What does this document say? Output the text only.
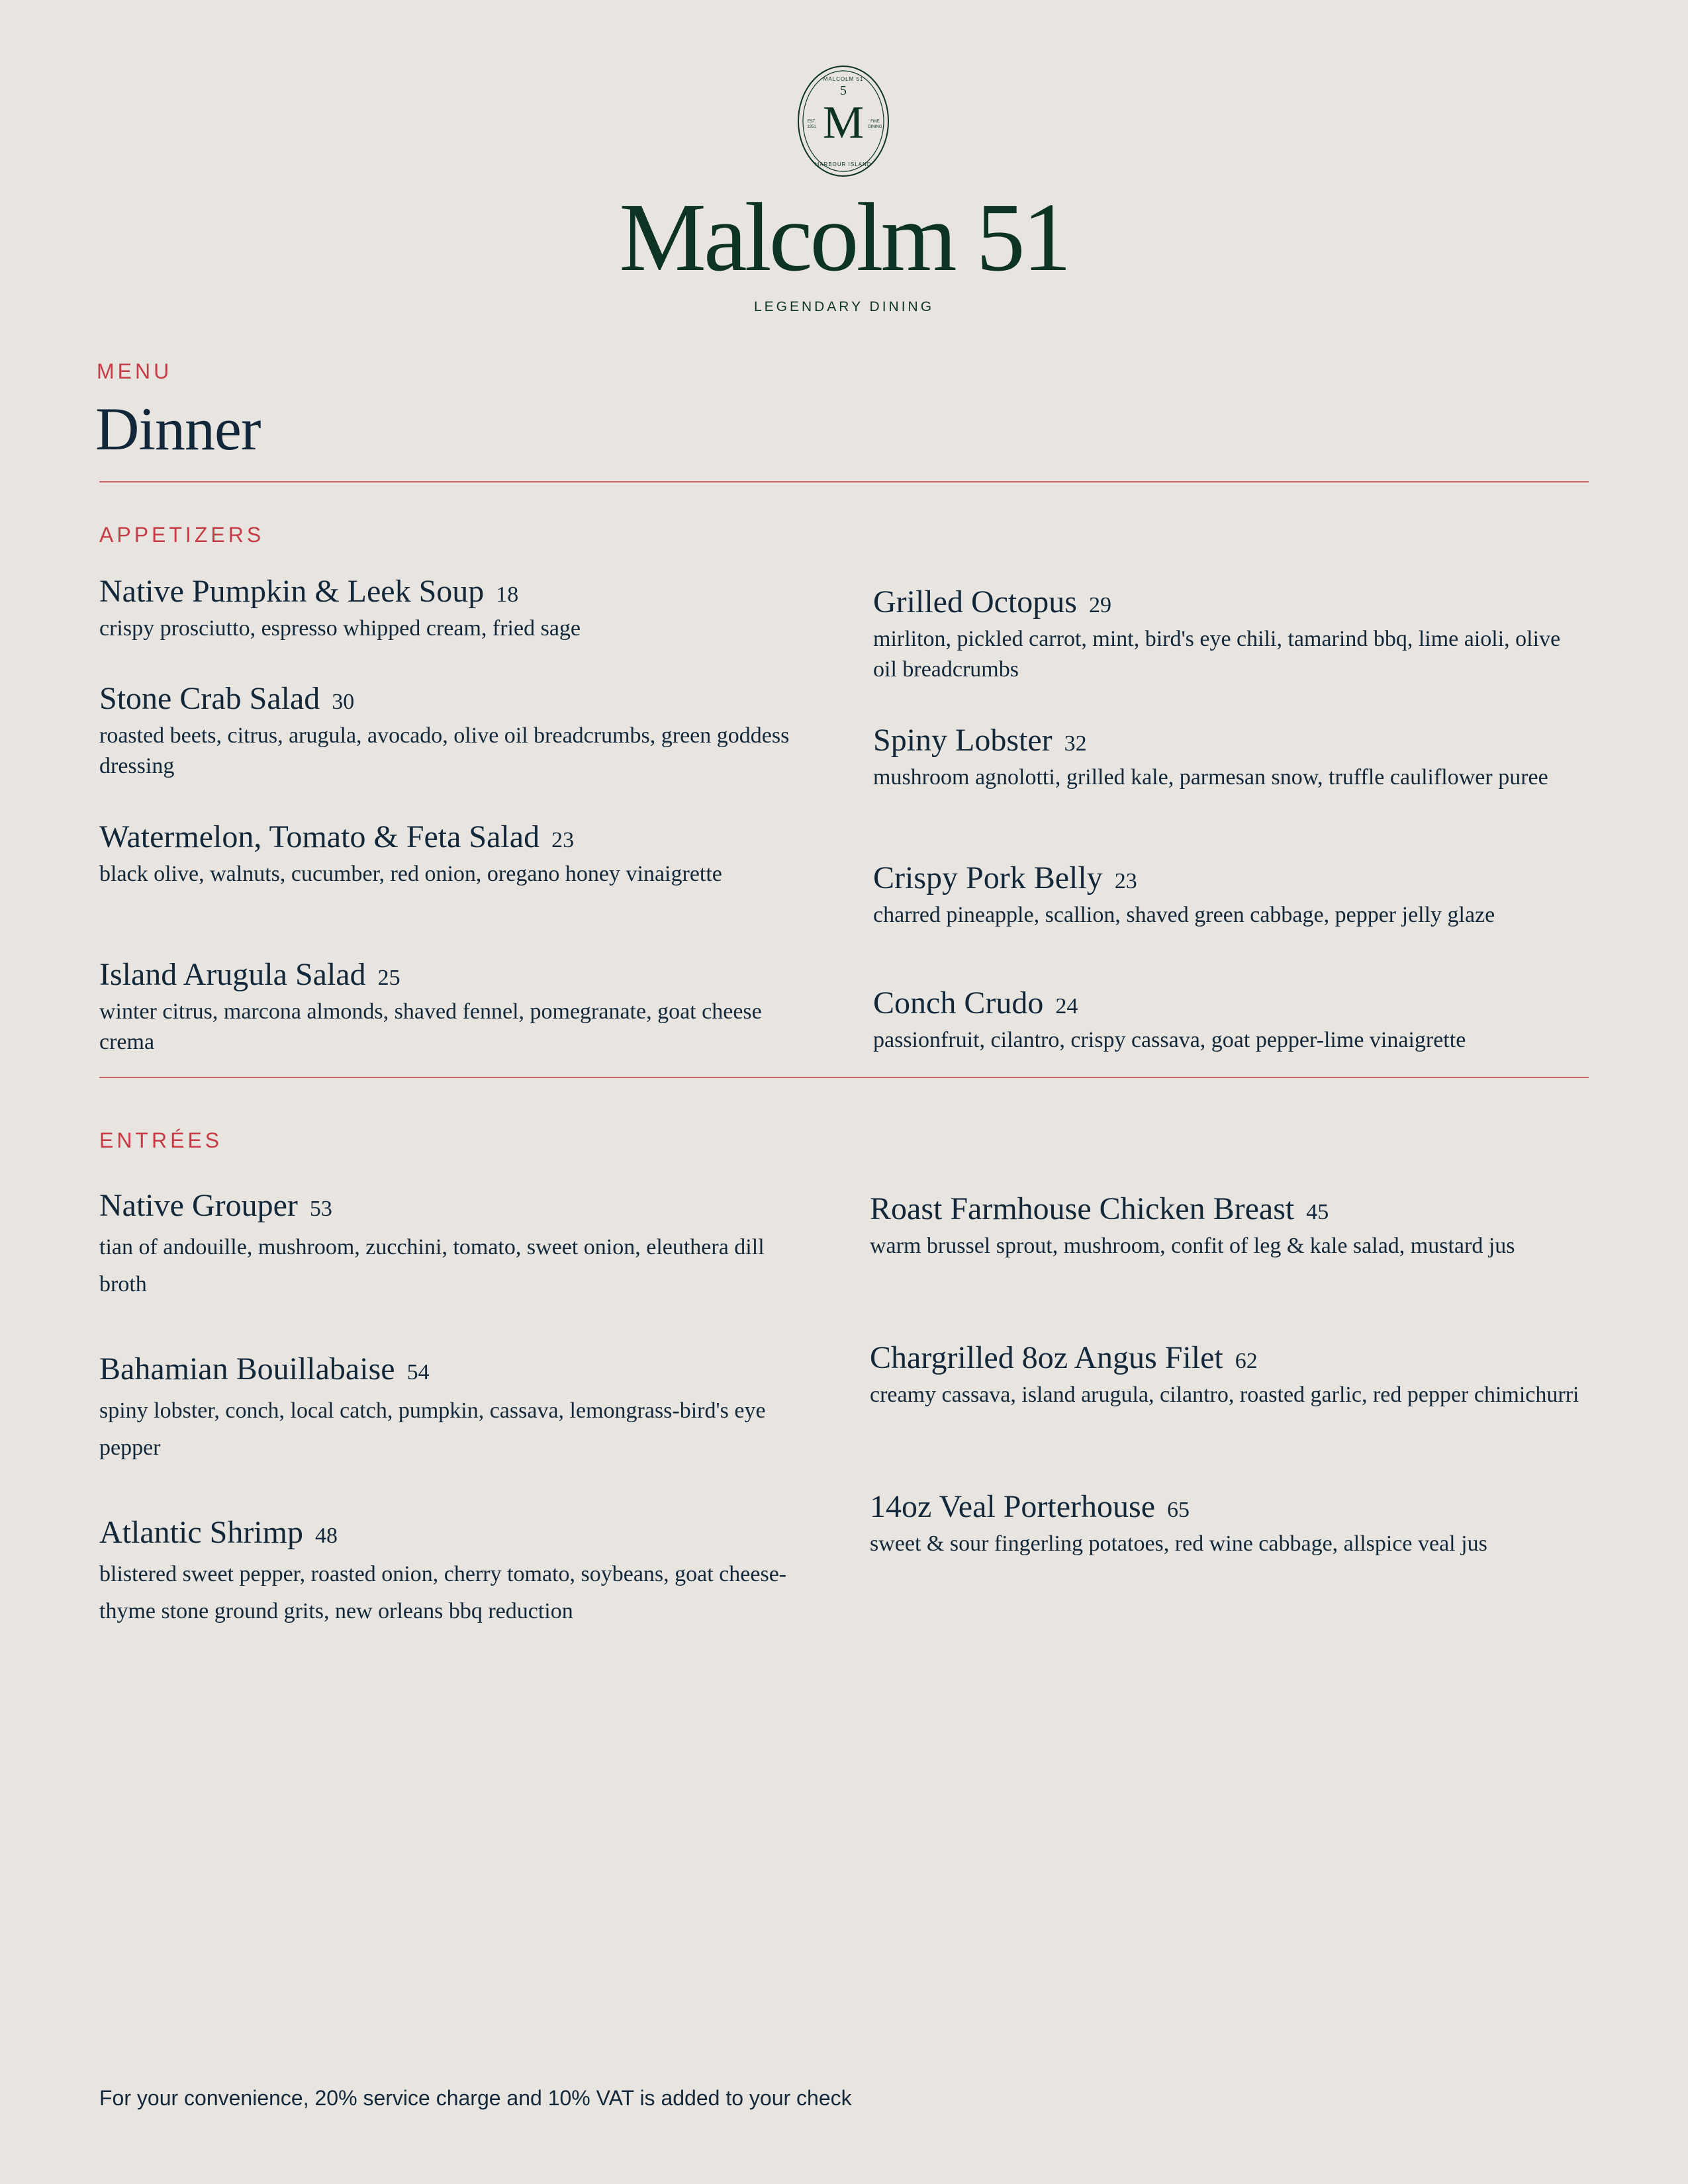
MALCOLM 51
5
M
EST.
1951
FINE
DINING
HARBOUR ISLAND
Malcolm 51
LEGENDARY DINING
MENU
Dinner
APPETIZERS
Native Pumpkin & Leek Soup 18
crispy prosciutto, espresso whipped cream, fried sage
Stone Crab Salad 30
roasted beets, citrus, arugula, avocado, olive oil breadcrumbs, green goddess dressing
Watermelon, Tomato & Feta Salad 23
black olive, walnuts, cucumber, red onion, oregano honey vinaigrette
Island Arugula Salad 25
winter citrus, marcona almonds, shaved fennel, pomegranate, goat cheese crema
Grilled Octopus 29
mirliton, pickled carrot, mint, bird's eye chili, tamarind bbq, lime aioli, olive oil breadcrumbs
Spiny Lobster 32
mushroom agnolotti, grilled kale, parmesan snow, truffle cauliflower puree
Crispy Pork Belly 23
charred pineapple, scallion, shaved green cabbage, pepper jelly glaze
Conch Crudo 24
passionfruit, cilantro, crispy cassava, goat pepper-lime vinaigrette
ENTRÉES
Native Grouper 53
tian of andouille, mushroom, zucchini, tomato, sweet onion, eleuthera dill broth
Bahamian Bouillabaise 54
spiny lobster, conch, local catch, pumpkin, cassava, lemongrass-bird's eye pepper
Atlantic Shrimp 48
blistered sweet pepper, roasted onion, cherry tomato, soybeans, goat cheese-thyme stone ground grits, new orleans bbq reduction
Roast Farmhouse Chicken Breast 45
warm brussel sprout, mushroom, confit of leg & kale salad, mustard jus
Chargrilled 8oz Angus Filet 62
creamy cassava, island arugula, cilantro, roasted garlic, red pepper chimichurri
14oz Veal Porterhouse 65
sweet & sour fingerling potatoes, red wine cabbage, allspice veal jus
For your convenience, 20% service charge and 10% VAT is added to your check
